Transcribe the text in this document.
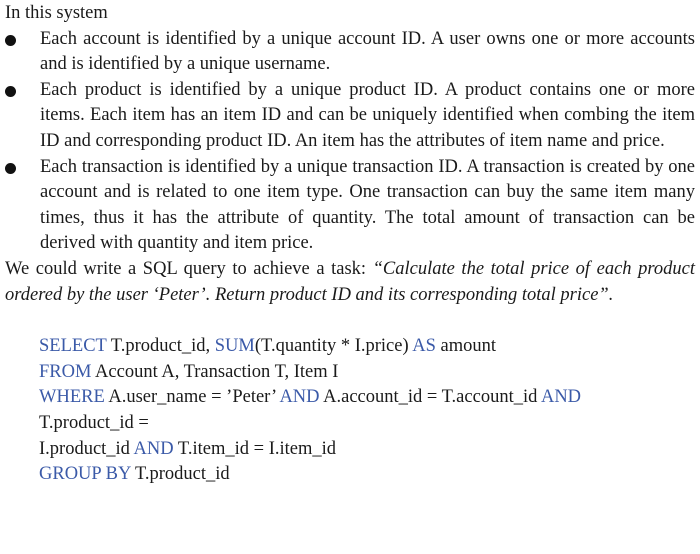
In this system

Each account is identified by a unique account ID. A user owns one or more accounts and is identified by a unique username.
Each product is identified by a unique product ID. A product contains one or more items. Each item has an item ID and can be uniquely identified when combing the item ID and corresponding product ID. An item has the attributes of item name and price.
Each transaction is identified by a unique transaction ID. A transaction is created by one account and is related to one item type. One transaction can buy the same item many times, thus it has the attribute of quantity. The total amount of transaction can be derived with quantity and item price.

We could write a SQL query to achieve a task: “Calculate the total price of each product ordered by the user ‘Peter’. Return product ID and its corresponding total price”.

SELECT T.product_id, SUM(T.quantity * I.price) AS amount
FROM Account A, Transaction T, Item I
WHERE A.user_name = ’Peter’ AND A.account_id = T.account_id AND
T.product_id =
I.product_id AND T.item_id = I.item_id
GROUP BY T.product_id
